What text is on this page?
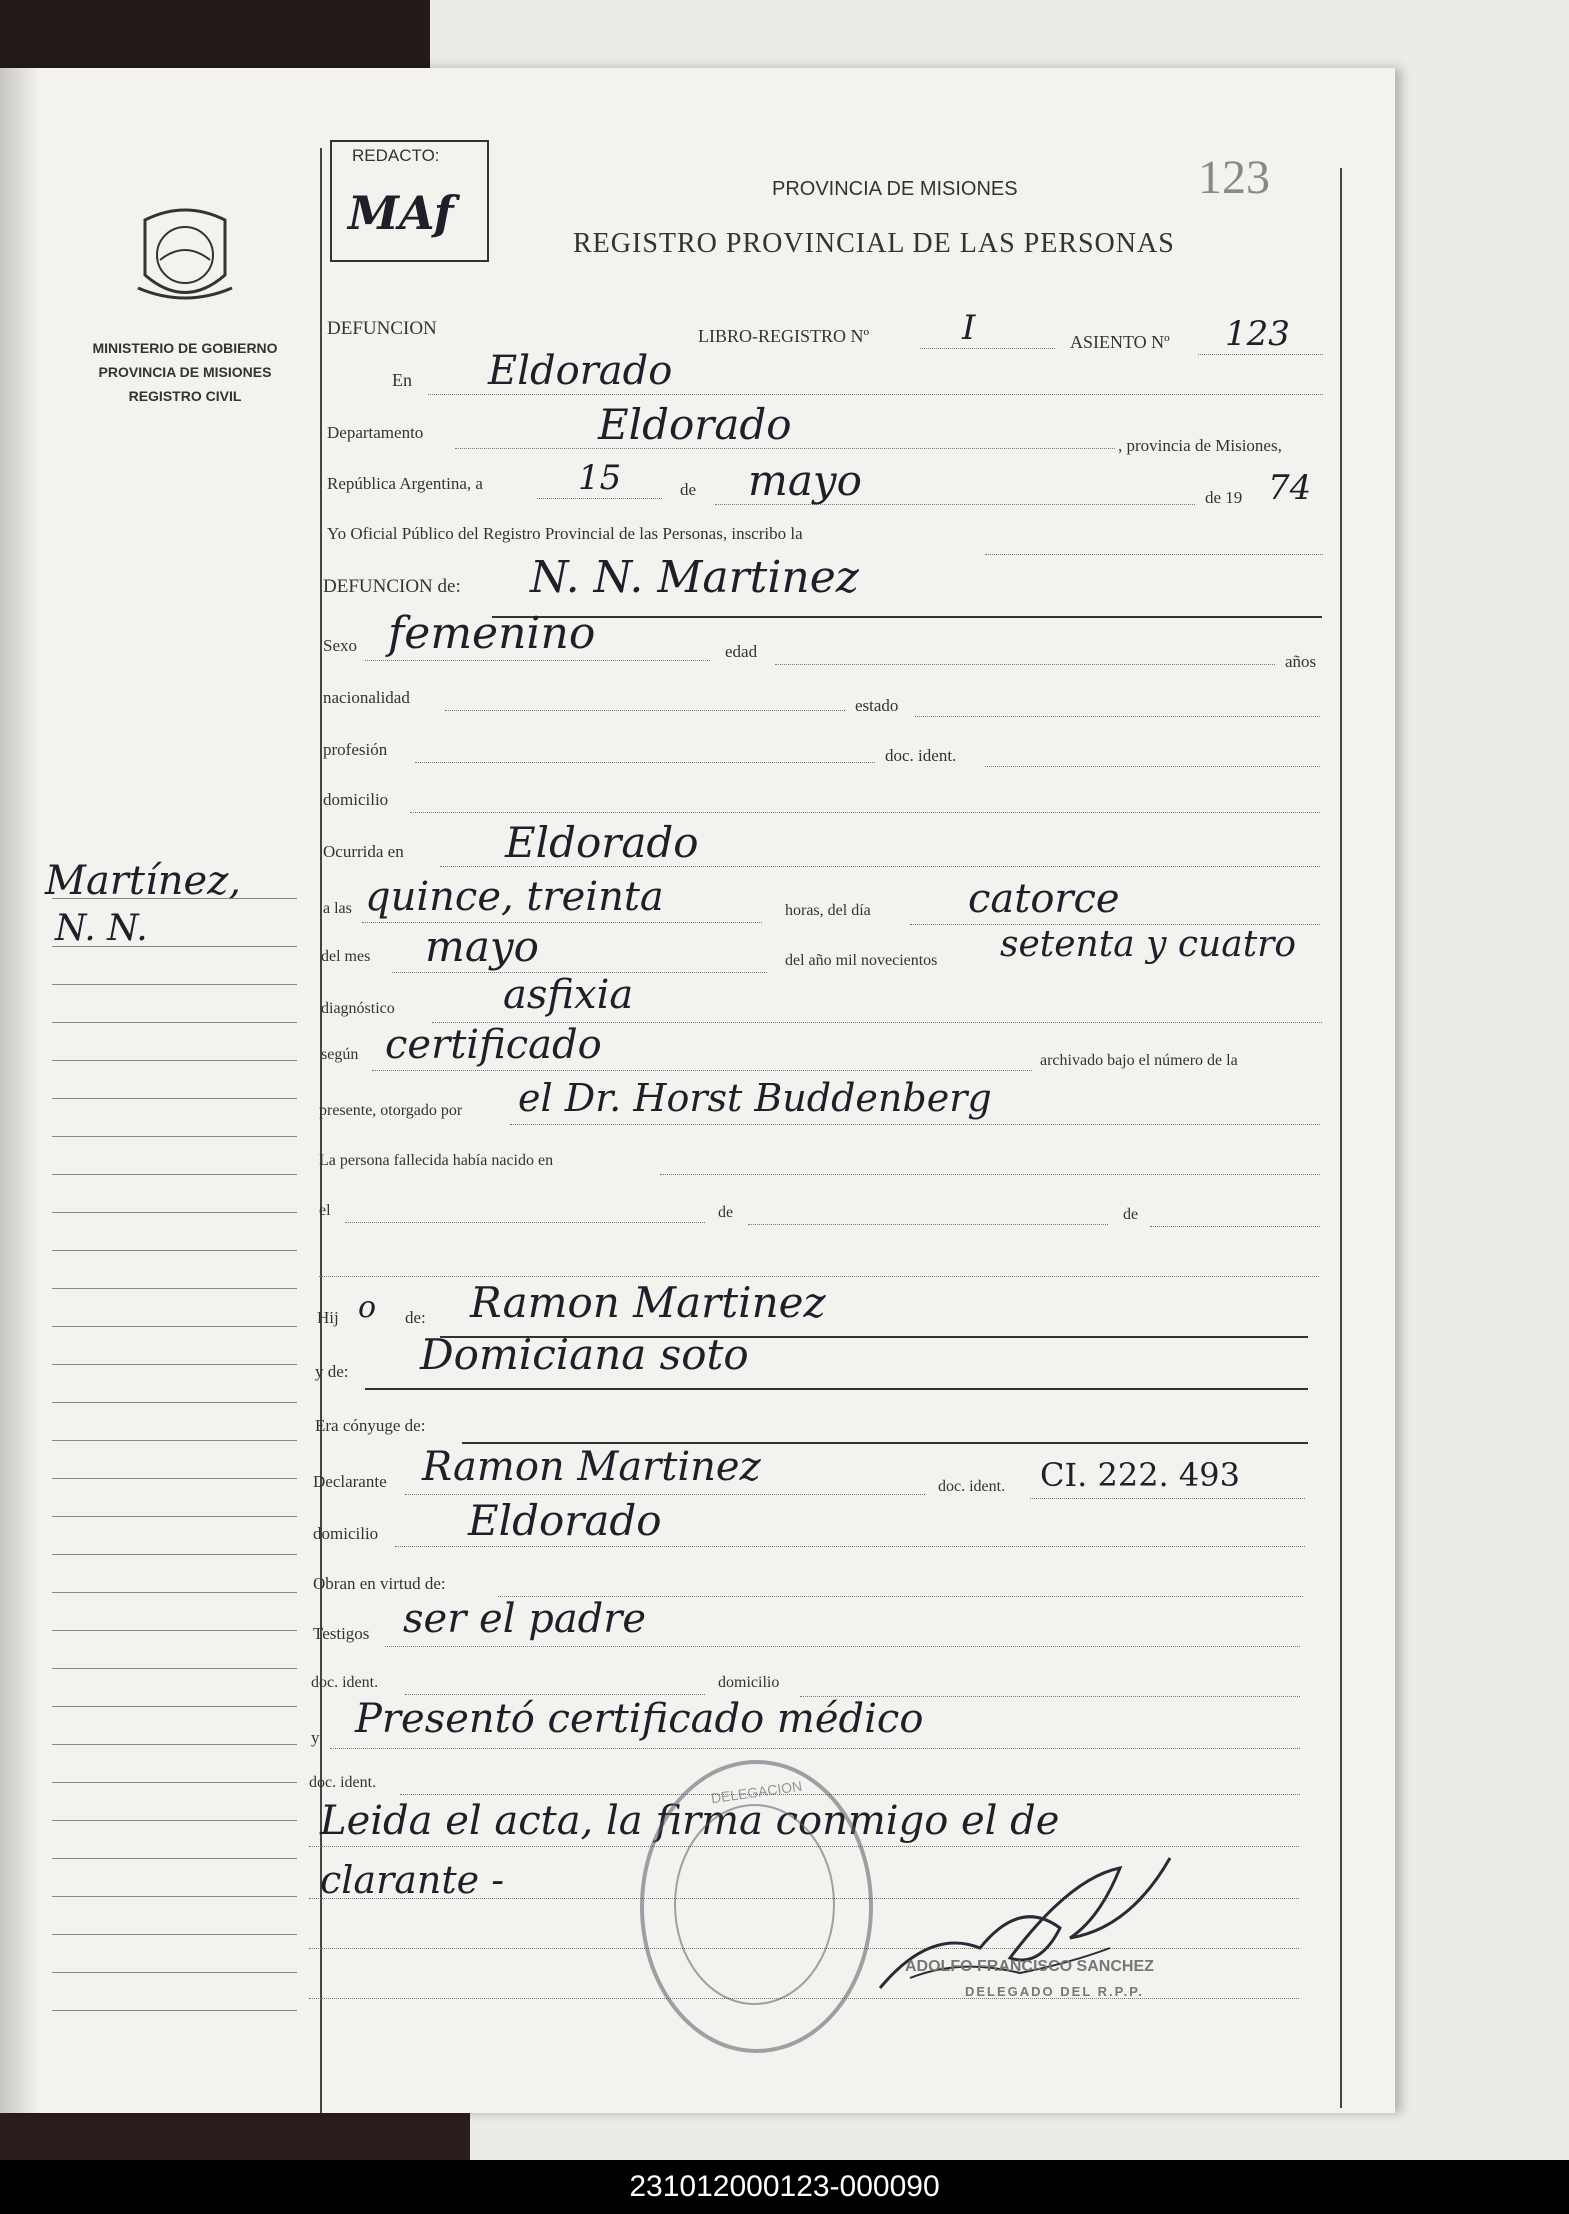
MINISTERIO DE GOBIERNO
PROVINCIA DE MISIONES
REGISTRO CIVIL
Martínez,
N. N.
REDACTO:
MAf	PROVINCIA DE MISIONES
REGISTRO PROVINCIAL DE LAS PERSONAS
123
DEFUNCION	LIBRO-REGISTRO Nº	I	ASIENTO Nº 123
En Eldorado
Departamento	Eldorado	, provincia de Misiones,
República Argentina, a	15	de mayo	de 19 74
Yo Oficial Público del Registro Provincial de las Personas, inscribo la
DEFUNCION de: N. N. Martinez
Sexo femenino	edad
años
nacionalidad	estado
profesión	doc. ident.
domicilio
Ocurrida en Eldorado
a las quince, treinta	horas, del día catorce
del mes mayo	del año mil novecientos setenta y cuatro
diagnóstico	asfixia
según certificado	archivado bajo el número de la
presente, otorgado por el Dr. Horst Buddenberg
La persona fallecida había nacido en
el	de	de
Hij o de: Ramon Martinez
y de: Domiciana soto
Era cónyuge de:
Declarante Ramon Martinez	doc. ident. CI. 222. 493
domicilio Eldorado
Obran en virtud de:
Testigos ser el padre
doc. ident.	domicilio
y Presentó certificado médico
doc. ident.
Leida el acta, la firma conmigo el de
clarante -
DELEGACION
ADOLFO FRANCISCO SANCHEZ
DELEGADO DEL R.P.P.
231012000123-000090
